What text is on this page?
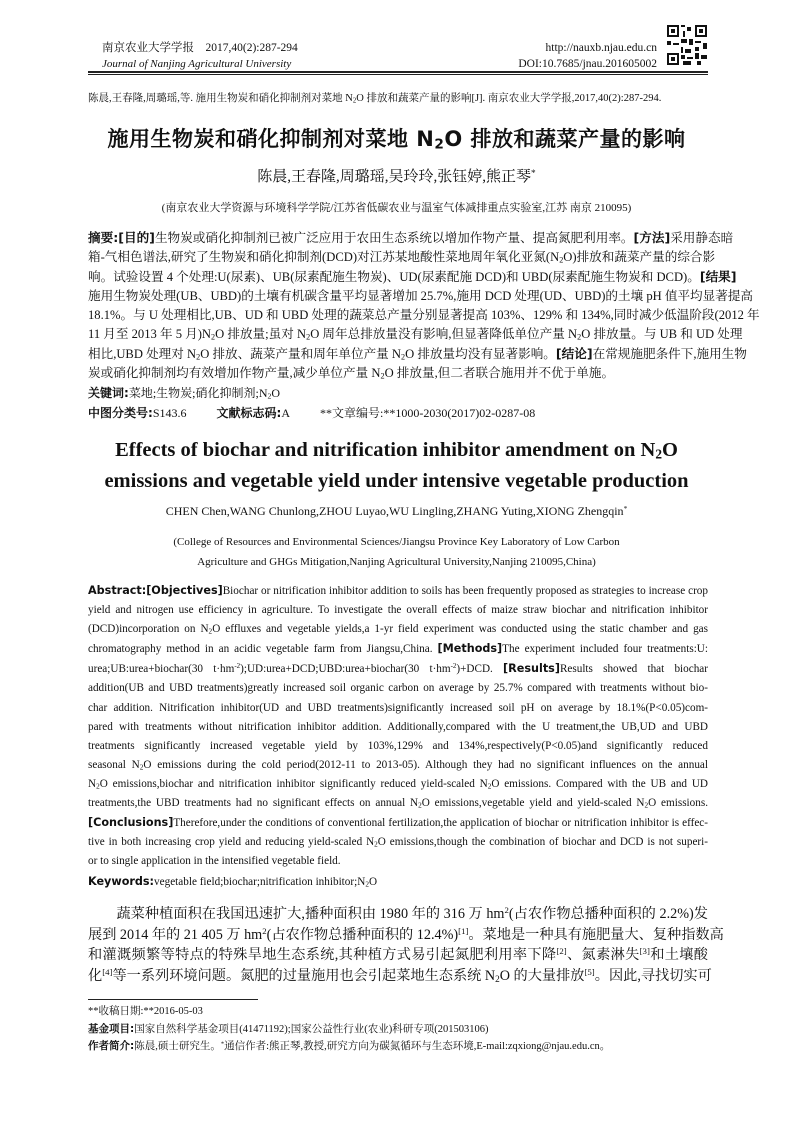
南京农业大学学报　2017,40(2):287-294
Journal of Nanjing Agricultural University
http://nauxb.njau.edu.cn
DOI:10.7685/jnau.201605002
陈晨,王春隆,周璐瑶,等. 施用生物炭和硝化抑制剂对菜地 $N_2O$ 排放和蔬菜产量的影响[J]. 南京农业大学学报,2017,40(2):287-294.
施用生物炭和硝化抑制剂对菜地 $N_2O$ 排放和蔬菜产量的影响
陈晨,王春隆,周璐瑶,吴玲玲,张钰婷,熊正琴*
(南京农业大学资源与环境科学学院/江苏省低碳农业与温室气体减排重点实验室,江苏 南京 210095)
摘要:[目的]生物炭或硝化抑制剂已被广泛应用于农田生态系统以增加作物产量、提高氮肥利用率。[方法]采用静态暗
箱-气相色谱法,研究了生物炭和硝化抑制剂(DCD)对江苏某地酸性菜地周年氧化亚氮$(N_2O)$排放和蔬菜产量的综合影
响。试验设置 4 个处理:U(尿素)、UB(尿素配施生物炭)、UD(尿素配施 DCD)和 UBD(尿素配施生物炭和 DCD)。[结果]
施用生物炭处理(UB、UBD)的土壤有机碳含量平均显著增加 25.7%,施用 DCD 处理(UD、UBD)的土壤 pH 值平均显著提高
18.1%。与 U 处理相比,UB、UD 和 UBD 处理的蔬菜总产量分别显著提高 103%、129% 和 134%,同时减少低温阶段(2012 年
11 月至 2013 年 5 月)$N_2O$ 排放量;虽对 $N_2O$ 周年总排放量没有影响,但显著降低单位产量 $N_2O$ 排放量。与 UB 和 UD 处理
相比,UBD 处理对 $N_2O$ 排放、蔬菜产量和周年单位产量 $N_2O$ 排放量均没有显著影响。[结论]在常规施肥条件下,施用生物
炭或硝化抑制剂均有效增加作物产量,减少单位产量 $N_2O$ 排放量,但二者联合施用并不优于单施。
关键词:菜地;生物炭;硝化抑制剂$;N_2O$
中图分类号:S143.6	文献标志码:A	**文章编号:**1000-2030(2017)02-0287-08
Effects of biochar and nitrification inhibitor amendment on $N_2O$
emissions and vegetable yield under intensive vegetable production
CHEN Chen,WANG Chunlong,ZHOU Luyao,WU Lingling,ZHANG Yuting,XIONG Zhengqin*
(College of Resources and Environmental Sciences/Jiangsu Province Key Laboratory of Low Carbon
Agriculture and GHGs Mitigation,Nanjing Agricultural University,Nanjing 210095,China)
Abstract:[Objectives]Biochar or nitrification inhibitor addition to soils has been frequently proposed as strategies to increase crop
yield and nitrogen use efficiency in agriculture. To investigate the overall effects of maize straw biochar and nitrification inhibitor
(DCD)incorporation on $N_2O$ effluxes and vegetable yields,a 1-yr field experiment was conducted using the static chamber and gas
chromatography method in an acidic vegetable farm from Jiangsu,China. [Methods]The experiment included four treatments:U:
urea;UB:urea+biochar(30 $t\cdot hm^{-2});UD:urea+DCD;UBD:urea+biochar(30$ $t\cdot hm^{-2})+DCD$. [Results]Results showed that biochar
addition(UB and UBD treatments)greatly increased soil organic carbon on average by 25.7% compared with treatments without bio-
char addition. Nitrification inhibitor(UD and UBD treatments)significantly increased soil pH on average by 18.1%(P<0.05)com-
pared with treatments without nitrification inhibitor addition. Additionally,compared with the U treatment,the UB,UD and UBD
treatments significantly increased vegetable yield by 103%,129% and 134%,respectively(P<0.05)and significantly reduced
seasonal $N_2O$ emissions during the cold period(2012-11 to 2013-05). Although they had no significant influences on the annual
$N_2O$ emissions,biochar and nitrification inhibitor significantly reduced yield-scaled $N_2O$ emissions. Compared with the UB and UD
treatments,the UBD treatments had no significant effects on annual $N_2O$ emissions,vegetable yield and yield-scaled $N_2O$ emissions.
[Conclusions]Therefore,under the conditions of conventional fertilization,the application of biochar or nitrification inhibitor is effec-
tive in both increasing crop yield and reducing yield-scaled $N_2O$ emissions,though the combination of biochar and DCD is not superi-
or to single application in the intensified vegetable field.
Keywords:vegetable field;biochar;nitrification $inhibitor;N_2O$
　　蔬菜种植面积在我国迅速扩大,播种面积由 1980 年的 316 万 $hm^2$(占农作物总播种面积的 2.2%)发
展到 2014 年的 21 405 万 $hm^2$(占农作物总播种面积的 12.4%)[1]。菜地是一种具有施肥量大、复种指数高
和灌溉频繁等特点的特殊旱地生态系统,其种植方式易引起氮肥利用率下降[2]、氮素淋失[3]和土壤酸
化[4]等一系列环境问题。氮肥的过量施用也会引起菜地生态系统 $N_2O$ 的大量排放[5]。因此,寻找切实可
**收稿日期:**2016-05-03
基金项目:国家自然科学基金项目(41471192);国家公益性行业(农业)科研专项(201503106)
作者简介:陈晨,硕士研究生。*通信作者:熊正琴,教授,研究方向为碳氮循环与生态环境,E-mail:zqxiong@njau.edu.cn。
